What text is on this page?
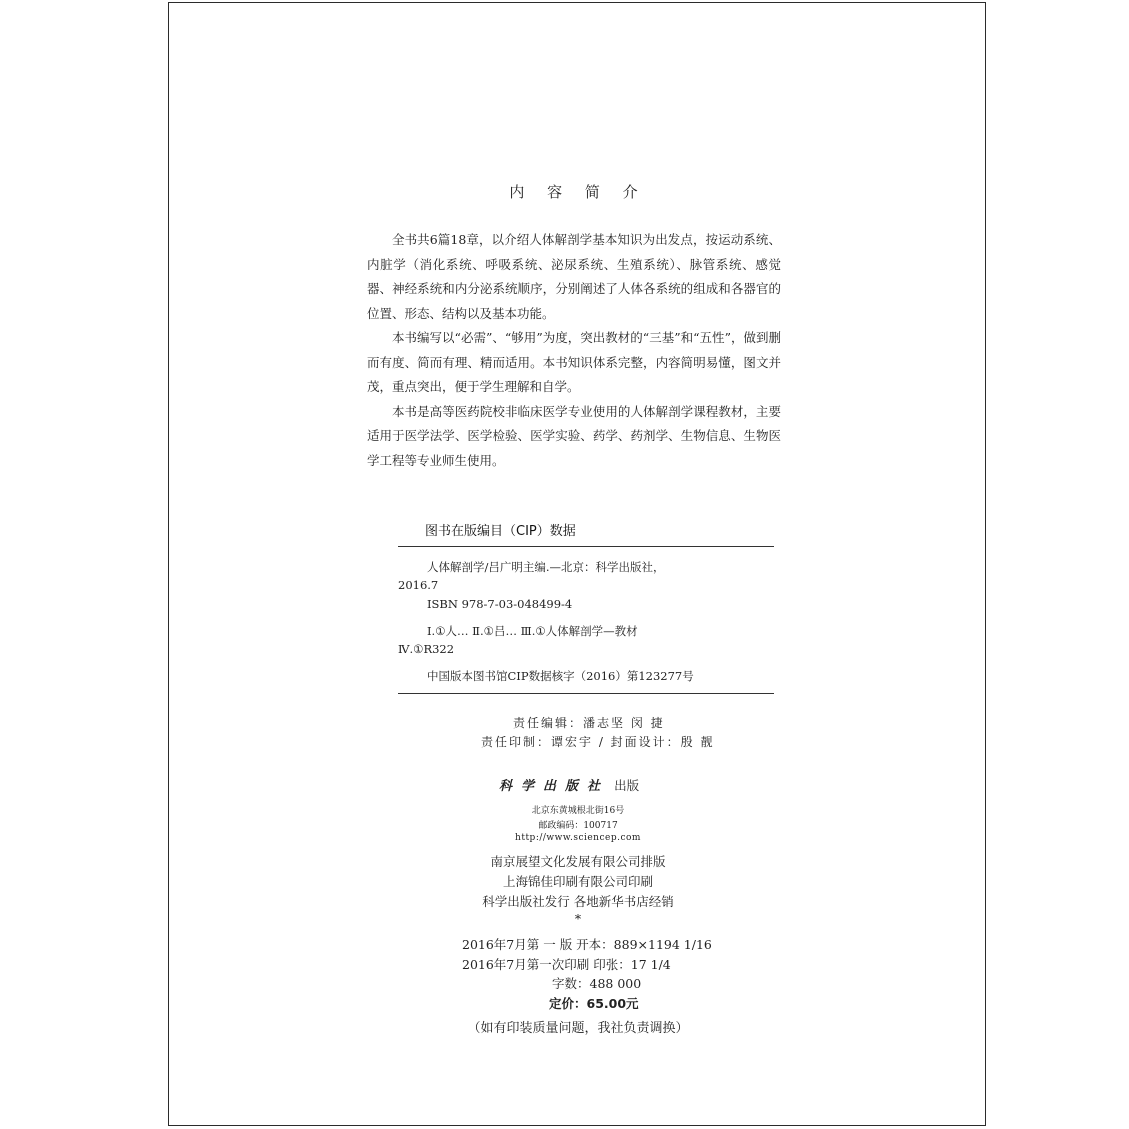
内 容 简 介

全书共6篇18章，以介绍人体解剖学基本知识为出发点，按运动系统、内脏学（消化系统、呼吸系统、泌尿系统、生殖系统）、脉管系统、感觉器、神经系统和内分泌系统顺序，分别阐述了人体各系统的组成和各器官的位置、形态、结构以及基本功能。

本书编写以“必需”、“够用”为度，突出教材的“三基”和“五性”，做到删而有度、简而有理、精而适用。本书知识体系完整，内容简明易懂，图文并茂，重点突出，便于学生理解和自学。

本书是高等医药院校非临床医学专业使用的人体解剖学课程教材，主要适用于医学法学、医学检验、医学实验、药学、药剂学、生物信息、生物医学工程等专业师生使用。

图书在版编目（CIP）数据
人体解剖学/吕广明主编.—北京：科学出版社，
2016.7
ISBN 978-7-03-048499-4
Ⅰ.①人… Ⅱ.①吕… Ⅲ.①人体解剖学—教材
Ⅳ.①R322
中国版本图书馆CIP数据核字（2016）第123277号
责任编辑：潘志坚 闵 捷
责任印制：谭宏宇 / 封面设计：殷 靓
科学出版社 出版
北京东黄城根北街16号
邮政编码：100717
http://www.sciencep.com
南京展望文化发展有限公司排版
上海锦佳印刷有限公司印刷
科学出版社发行 各地新华书店经销
*
2016年7月第 一 版 开本：889×1194 1/16
2016年7月第一次印刷 印张：17 1/4
字数：488 000
定价：65.00元
（如有印装质量问题，我社负责调换）
